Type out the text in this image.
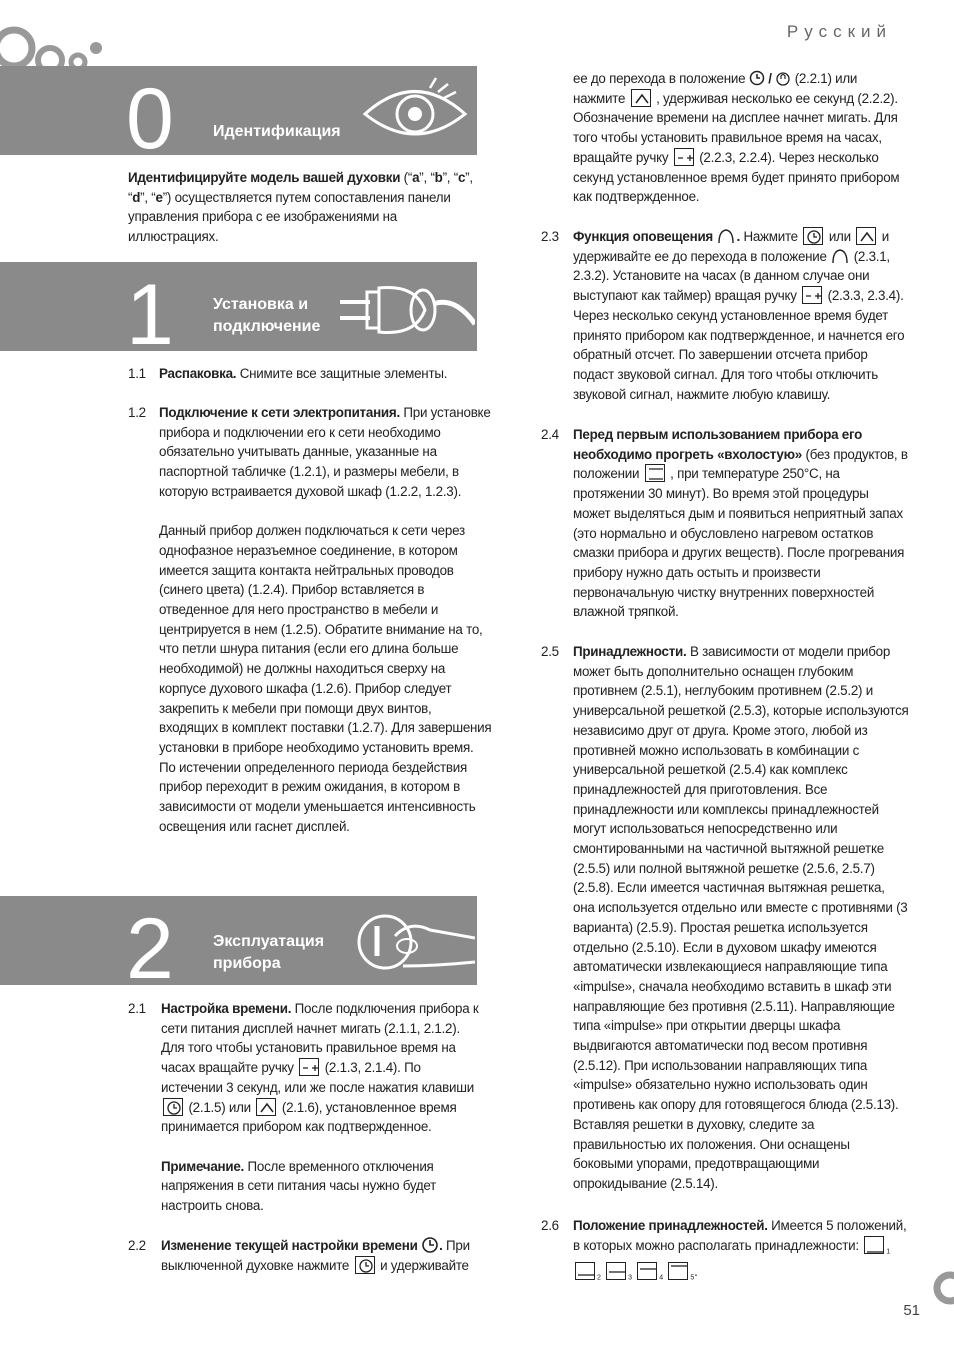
Русский
0 Идентификация
Идентифицируйте модель вашей духовки (“a”, “b”, “c”, “d”, “e”) осуществляется путем сопоставления панели управления прибора с ее изображениями на иллюстрациях.
1 Установка и
подключение
1.1 Распаковка. Снимите все защитные элементы.
1.2 Подключение к сети электропитания. При установке прибора и подключении его к сети необходимо обязательно учитывать данные, указанные на паспортной табличке (1.2.1), и размеры мебели, в которую встраивается духовой шкаф (1.2.2, 1.2.3).
Данный прибор должен подключаться к сети через однофазное неразъемное соединение, в котором имеется защита контакта нейтральных проводов (синего цвета) (1.2.4). Прибор вставляется в отведенное для него пространство в мебели и центрируется в нем (1.2.5). Обратите внимание на то, что петли шнура питания (если его длина больше необходимой) не должны находиться сверху на корпусе духового шкафа (1.2.6). Прибор следует закрепить к мебели при помощи двух винтов, входящих в комплект поставки (1.2.7). Для завершения установки в приборе необходимо установить время. По истечении определенного периода бездействия прибор переходит в режим ожидания, в котором в зависимости от модели уменьшается интенсивность освещения или гаснет дисплей.
2 Эксплуатация
прибора
2.1 Настройка времени. После подключения прибора к сети питания дисплей начнет мигать (2.1.1, 2.1.2). Для того чтобы установить правильное время на часах вращайте ручку
(2.1.3, 2.1.4). По истечении 3 секунд, или же после нажатия клавиши
(2.1.5) или
(2.1.6), установленное время принимается прибором как подтвержденное.
Примечание. После временного отключения напряжения в сети питания часы нужно будет настроить снова.
2.2 Изменение текущей настройки времени . При выключенной духовке нажмите
и удерживайте
ее до перехода в положение  /  (2.2.1) или нажмите
, удерживая несколько ее секунд (2.2.2). Обозначение времени на дисплее начнет мигать. Для того чтобы установить правильное время на часах, вращайте ручку
(2.2.3, 2.2.4). Через несколько секунд установленное время будет принято прибором как подтвержденное.
2.3 Функция оповещения . Нажмите
или
и удерживайте ее до перехода в положение  (2.3.1, 2.3.2). Установите на часах (в данном случае они выступают как таймер) вращая ручку
(2.3.3, 2.3.4). Через несколько секунд установленное время будет принято прибором как подтвержденное, и начнется его обратный отсчет. По завершении отсчета прибор подаст звуковой сигнал. Для того чтобы отключить звуковой сигнал, нажмите любую клавишу.
2.4 Перед первым использованием прибора его необходимо прогреть «вхолостую» (без продуктов, в положении
, при температуре 250°С, на протяжении 30 минут). Во время этой процедуры может выделяться дым и появиться неприятный запах (это нормально и обусловлено нагревом остатков смазки прибора и других веществ). После прогревания прибору нужно дать остыть и произвести первоначальную чистку внутренних поверхностей влажной тряпкой.
2.5 Принадлежности. В зависимости от модели прибор может быть дополнительно оснащен глубоким противнем (2.5.1), неглубоким противнем (2.5.2) и универсальной решеткой (2.5.3), которые используются независимо друг от друга. Кроме этого, любой из противней можно использовать в комбинации с универсальной решеткой (2.5.4) как комплекс принадлежностей для приготовления. Все принадлежности или комплексы принадлежностей могут использоваться непосредственно или смонтированными на частичной вытяжной решетке (2.5.5) или полной вытяжной решетке (2.5.6, 2.5.7) (2.5.8). Если имеется частичная вытяжная решетка, она используется отдельно или вместе с противнями (3 варианта) (2.5.9). Простая решетка используется отдельно (2.5.10). Если в духовом шкафу имеются автоматически извлекающиеся направляющие типа «impulse», сначала необходимо вставить в шкаф эти направляющие без противня (2.5.11). Направляющие типа «impulse» при открытии дверцы шкафа выдвигаются автоматически под весом противня (2.5.12). При использовании направляющих типа «impulse» обязательно нужно использовать один противень как опору для готовящегося блюда (2.5.13). Вставляя решетки в духовку, следите за правильностью их положения. Они оснащены боковыми упорами, предотвращающими опрокидывание (2.5.14).
2.6 Положение принадлежностей. Имеется 5 положений, в которых можно располагать принадлежности:	$_1$
$_2$	$_3$	$_4$	$_5$.
51
